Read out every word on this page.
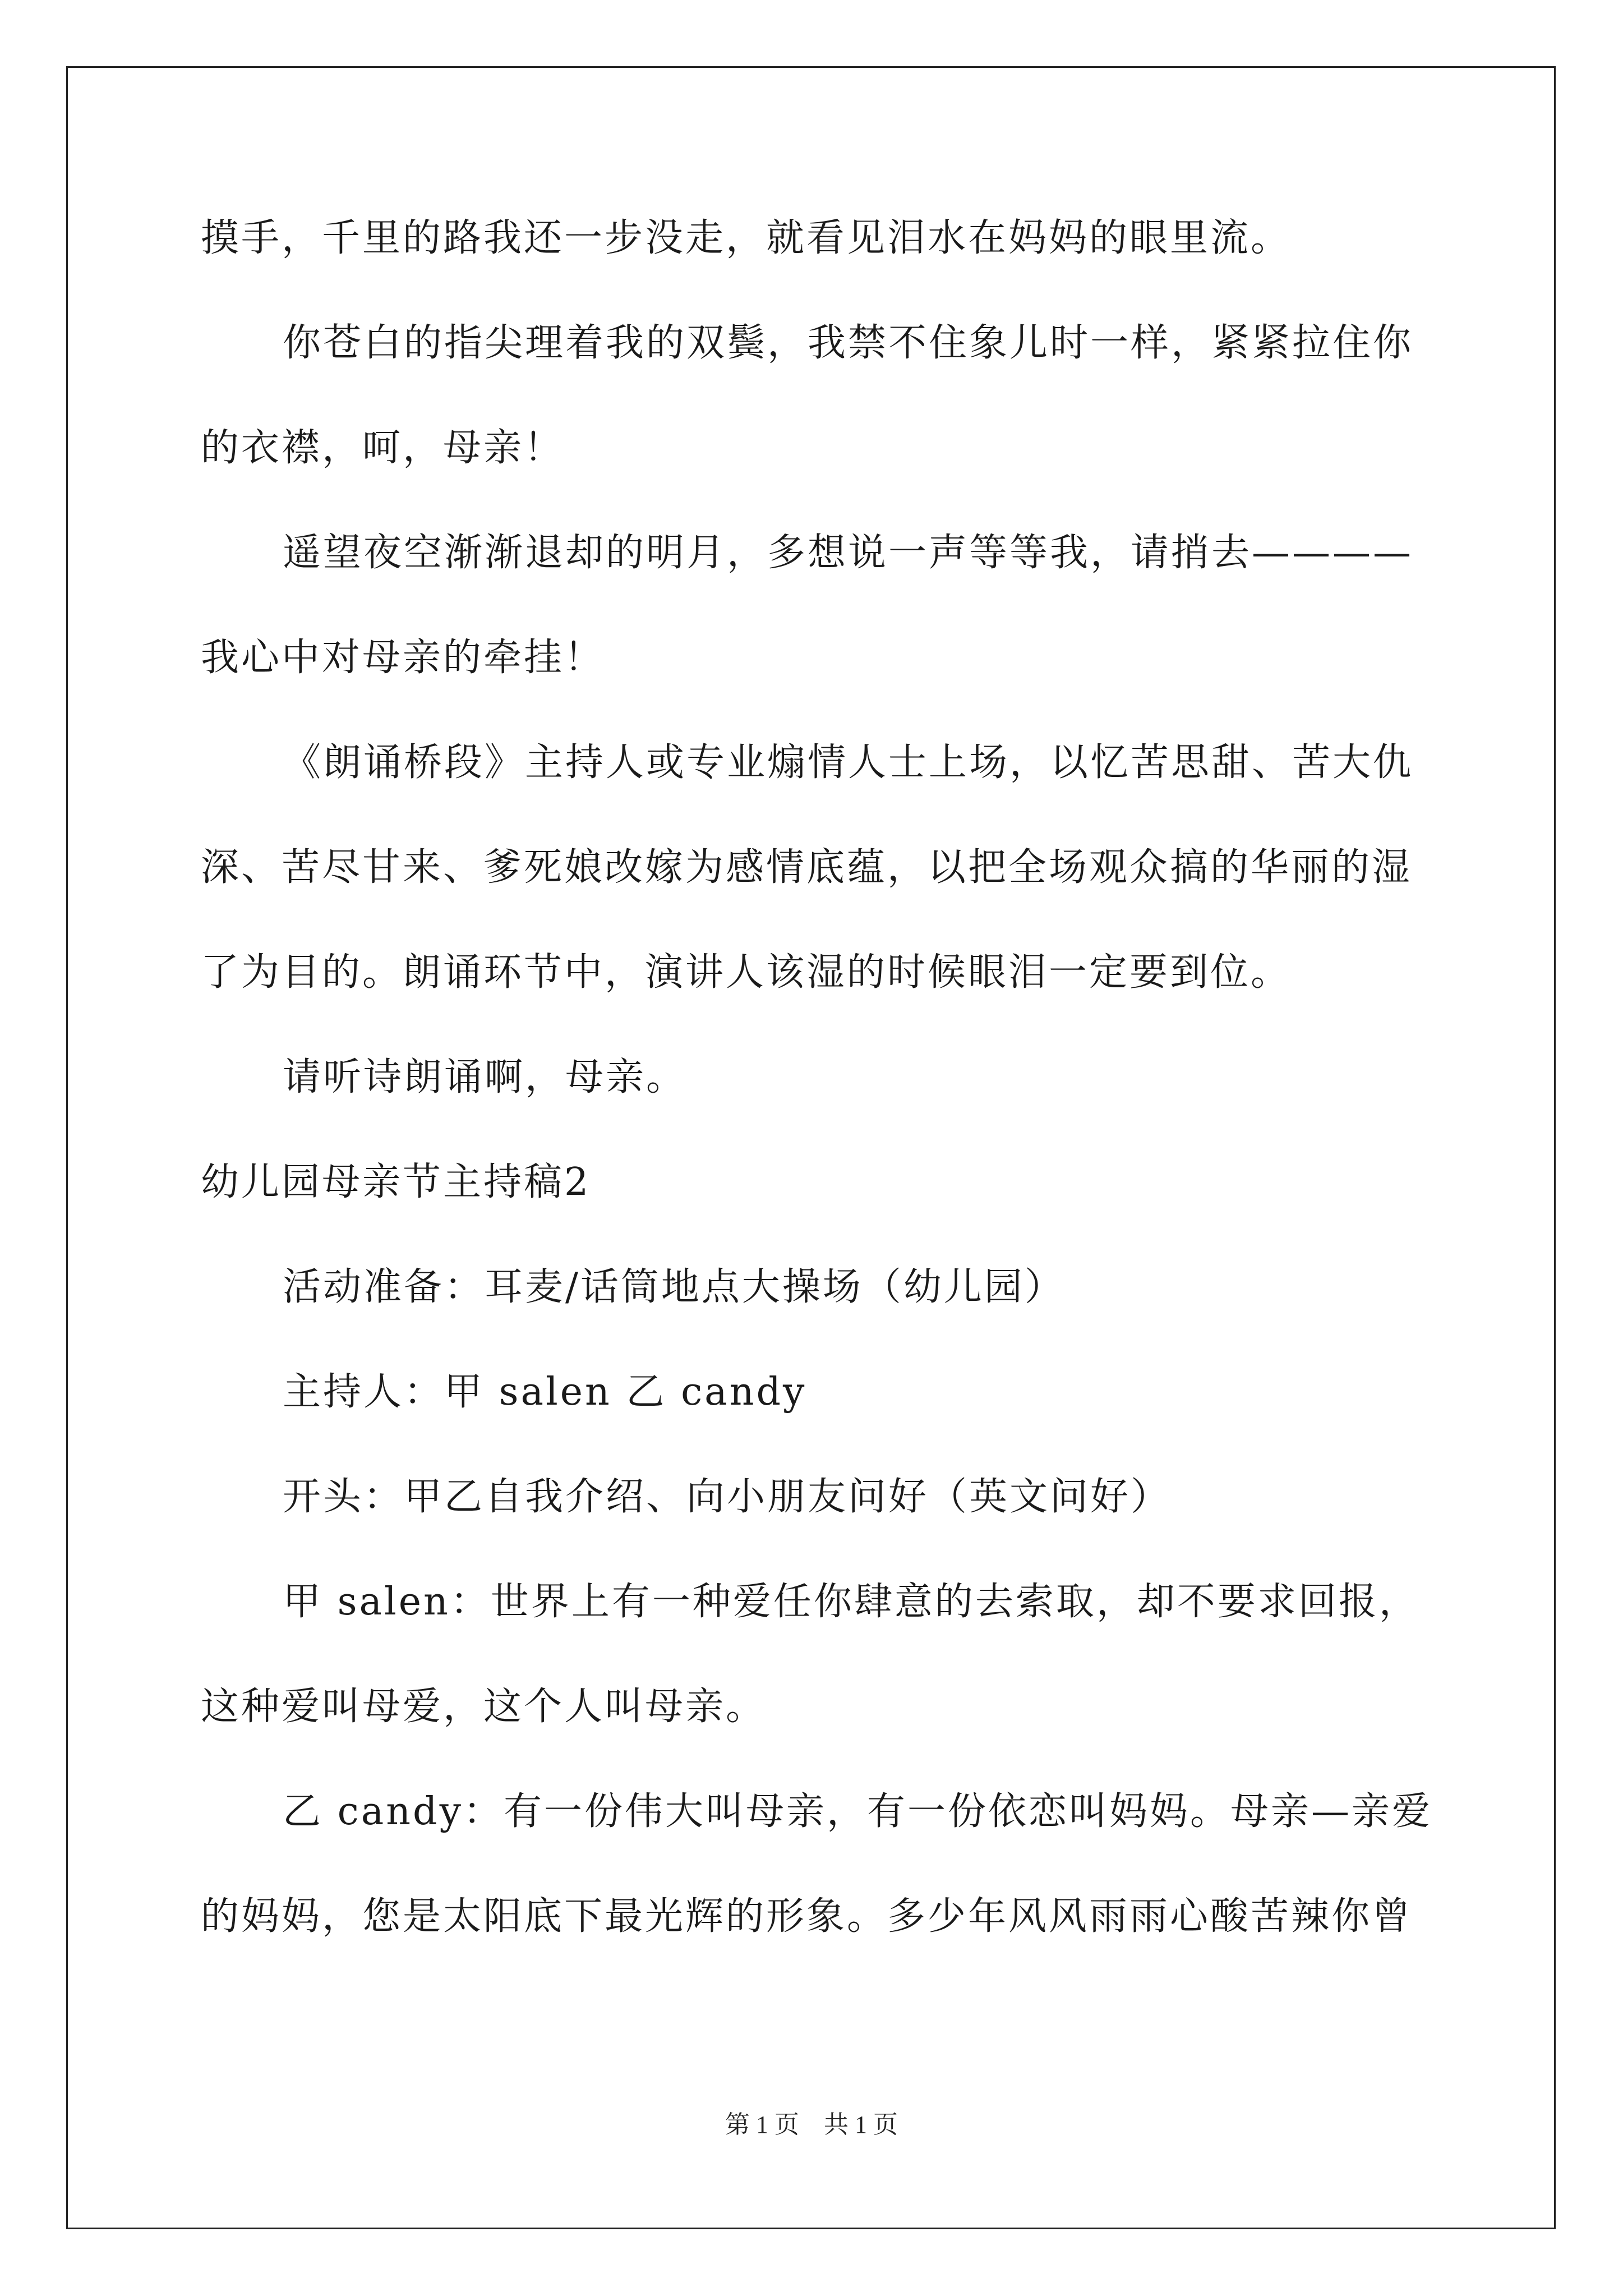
摸手，千里的路我还一步没走，就看见泪水在妈妈的眼里流。
你苍白的指尖理着我的双鬓，我禁不住象儿时一样，紧紧拉住你
的衣襟，呵，母亲！
遥望夜空渐渐退却的明月，多想说一声等等我，请捎去————
我心中对母亲的牵挂！
《朗诵桥段》主持人或专业煽情人士上场，以忆苦思甜、苦大仇
深、苦尽甘来、爹死娘改嫁为感情底蕴，以把全场观众搞的华丽的湿
了为目的。朗诵环节中，演讲人该湿的时候眼泪一定要到位。
请听诗朗诵啊，母亲。
幼儿园母亲节主持稿2
活动准备：耳麦/话筒地点大操场（幼儿园）
主持人：甲 salen 乙 candy
开头：甲乙自我介绍、向小朋友问好（英文问好）
甲 salen：世界上有一种爱任你肆意的去索取，却不要求回报，
这种爱叫母爱，这个人叫母亲。
乙 candy：有一份伟大叫母亲，有一份依恋叫妈妈。母亲—亲爱
的妈妈，您是太阳底下最光辉的形象。多少年风风雨雨心酸苦辣你曾
第 1 页　共 1 页
